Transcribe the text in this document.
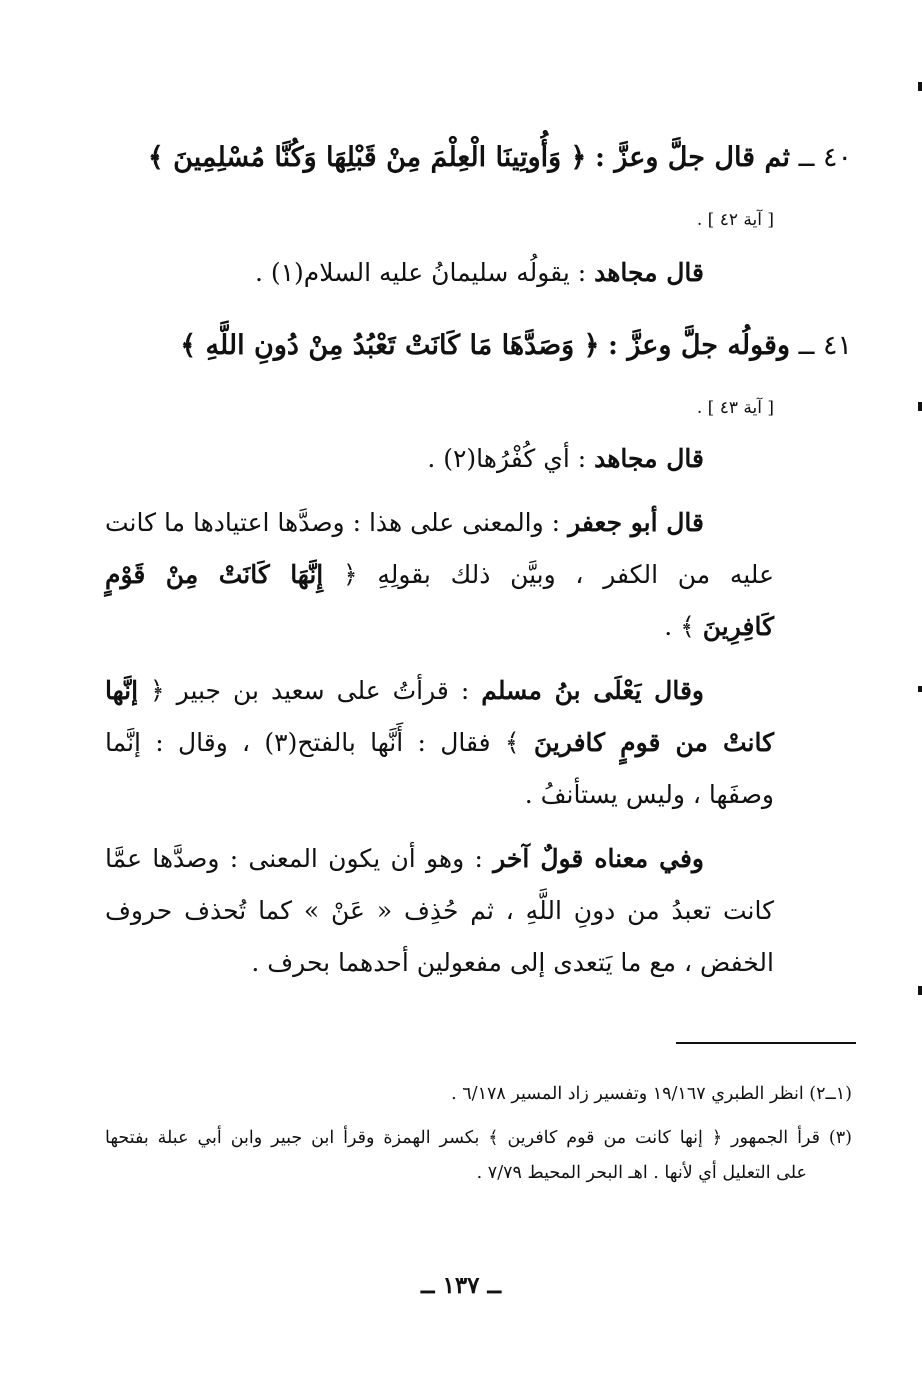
٤٠ ــ ثم قال جلَّ وعزَّ : ﴿ وَأُوتِينَا الْعِلْمَ مِنْ قَبْلِهَا وَكُنَّا مُسْلِمِينَ ﴾
[ آية ٤٢ ] .
قال مجاهد : يقولُه سليمانُ عليه السلام(١) .
٤١ ــ وقولُه جلَّ وعزَّ : ﴿ وَصَدَّهَا مَا كَانَتْ تَعْبُدُ مِنْ دُونِ اللَّهِ ﴾
[ آية ٤٣ ] .
قال مجاهد : أي كُفْرُها(٢) .
قال أبو جعفر : والمعنى على هذا : وصدَّها اعتيادها ما كانت
عليه من الكفر ، وبيَّن ذلك بقولِهِ ﴿ إِنَّهَا كَانَتْ مِنْ قَوْمٍ
كَافِرِينَ ﴾ .
وقال يَعْلَى بنُ مسلم : قرأتُ على سعيد بن جبير ﴿ إنَّها
كانتْ من قومٍ كافرينَ ﴾ فقال : أَنَّها بالفتح(٣) ، وقال : إنَّما
وصفَها ، وليس يستأنفُ .
وفي معناه قولٌ آخر : وهو أن يكون المعنى : وصدَّها عمَّا
كانت تعبدُ من دونِ اللَّهِ ، ثم حُذِف « عَنْ » كما تُحذف حروف
الخفض ، مع ما يَتعدى إلى مفعولين أحدهما بحرف .
(١ــ٢) انظر الطبري ١٩/١٦٧ وتفسير زاد المسير ٦/١٧٨ .
(٣) قرأ الجمهور ﴿ إنها كانت من قوم كافرين ﴾ بكسر الهمزة وقرأ ابن جبير وابن أبي عبلة بفتحها
على التعليل أي لأنها . اهـ البحر المحيط ٧/٧٩ .
ــ ١٣٧ ــ
